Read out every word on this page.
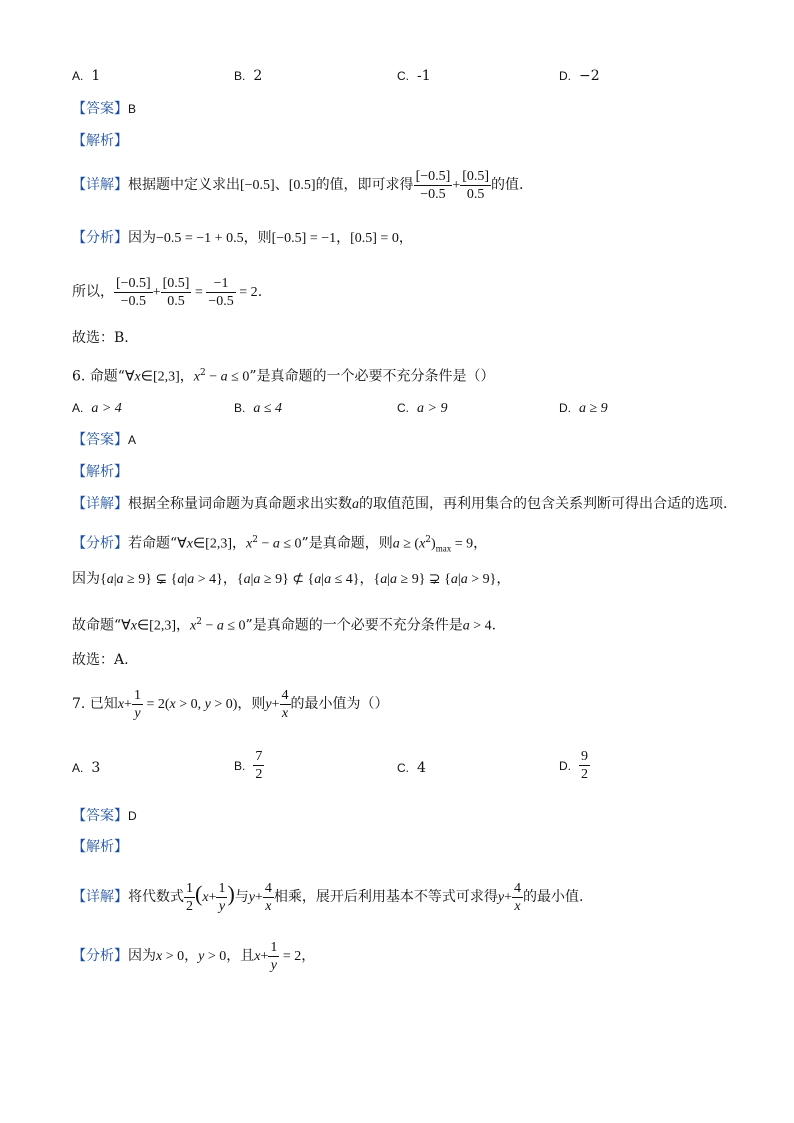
A. 1	B. 2	C. -1	D. −2
【答案】B
【解析】
【详解】根据题中定义求出[−0.5]、[0.5]的值，即可求得 $\frac{[-0.5]}{-0.5} + \frac{[0.5]}{0.5}$ 的值.
【分析】因为−0.5 = −1 + 0.5，则[−0.5] = −1，[0.5] = 0，
所以， $\frac{[-0.5]}{-0.5} + \frac{[0.5]}{0.5} = \frac{-1}{-0.5} = 2$.
故选：B.
6. 命题“∀x∈[2,3]，$x^2 - a \le 0$”是真命题的一个必要不充分条件是（）
A. a > 4	B. a ≤ 4	C. a > 9	D. a ≥ 9
【答案】A
【解析】
【详解】根据全称量词命题为真命题求出实数a的取值范围，再利用集合的包含关系判断可得出合适的选项.
【分析】若命题“∀x∈[2,3]，$x^2 - a \le 0$”是真命题，则$a \ge (x^2)_{max} = 9$，
因为{a|a ≥ 9} ⊊ {a|a > 4}，{a|a ≥ 9} ⊄ {a|a ≤ 4}，{a|a ≥ 9} ⊋ {a|a > 9}，
故命题“∀x∈[2,3]，$x^2 - a \le 0$”是真命题的一个必要不充分条件是a > 4.
故选：A.
7. 已知$x+ \frac{1}{y} = 2(x > 0$, y > 0)，则$y+ \frac{4}{x}$ 的最小值为（）
A. 3	B. $\frac{7}{2}$	C. 4	D. $\frac{9}{2}$
【答案】D
【解析】
【详解】将代数式 $\frac{1}{2} (x+ \frac{1}{y}$ )与$y+ \frac{4}{x}$ 相乘，展开后利用基本不等式可求得$y+ \frac{4}{x}$ 的最小值.
【分析】因为x > 0，y > 0，且$x+ \frac{1}{y} = 2$，
